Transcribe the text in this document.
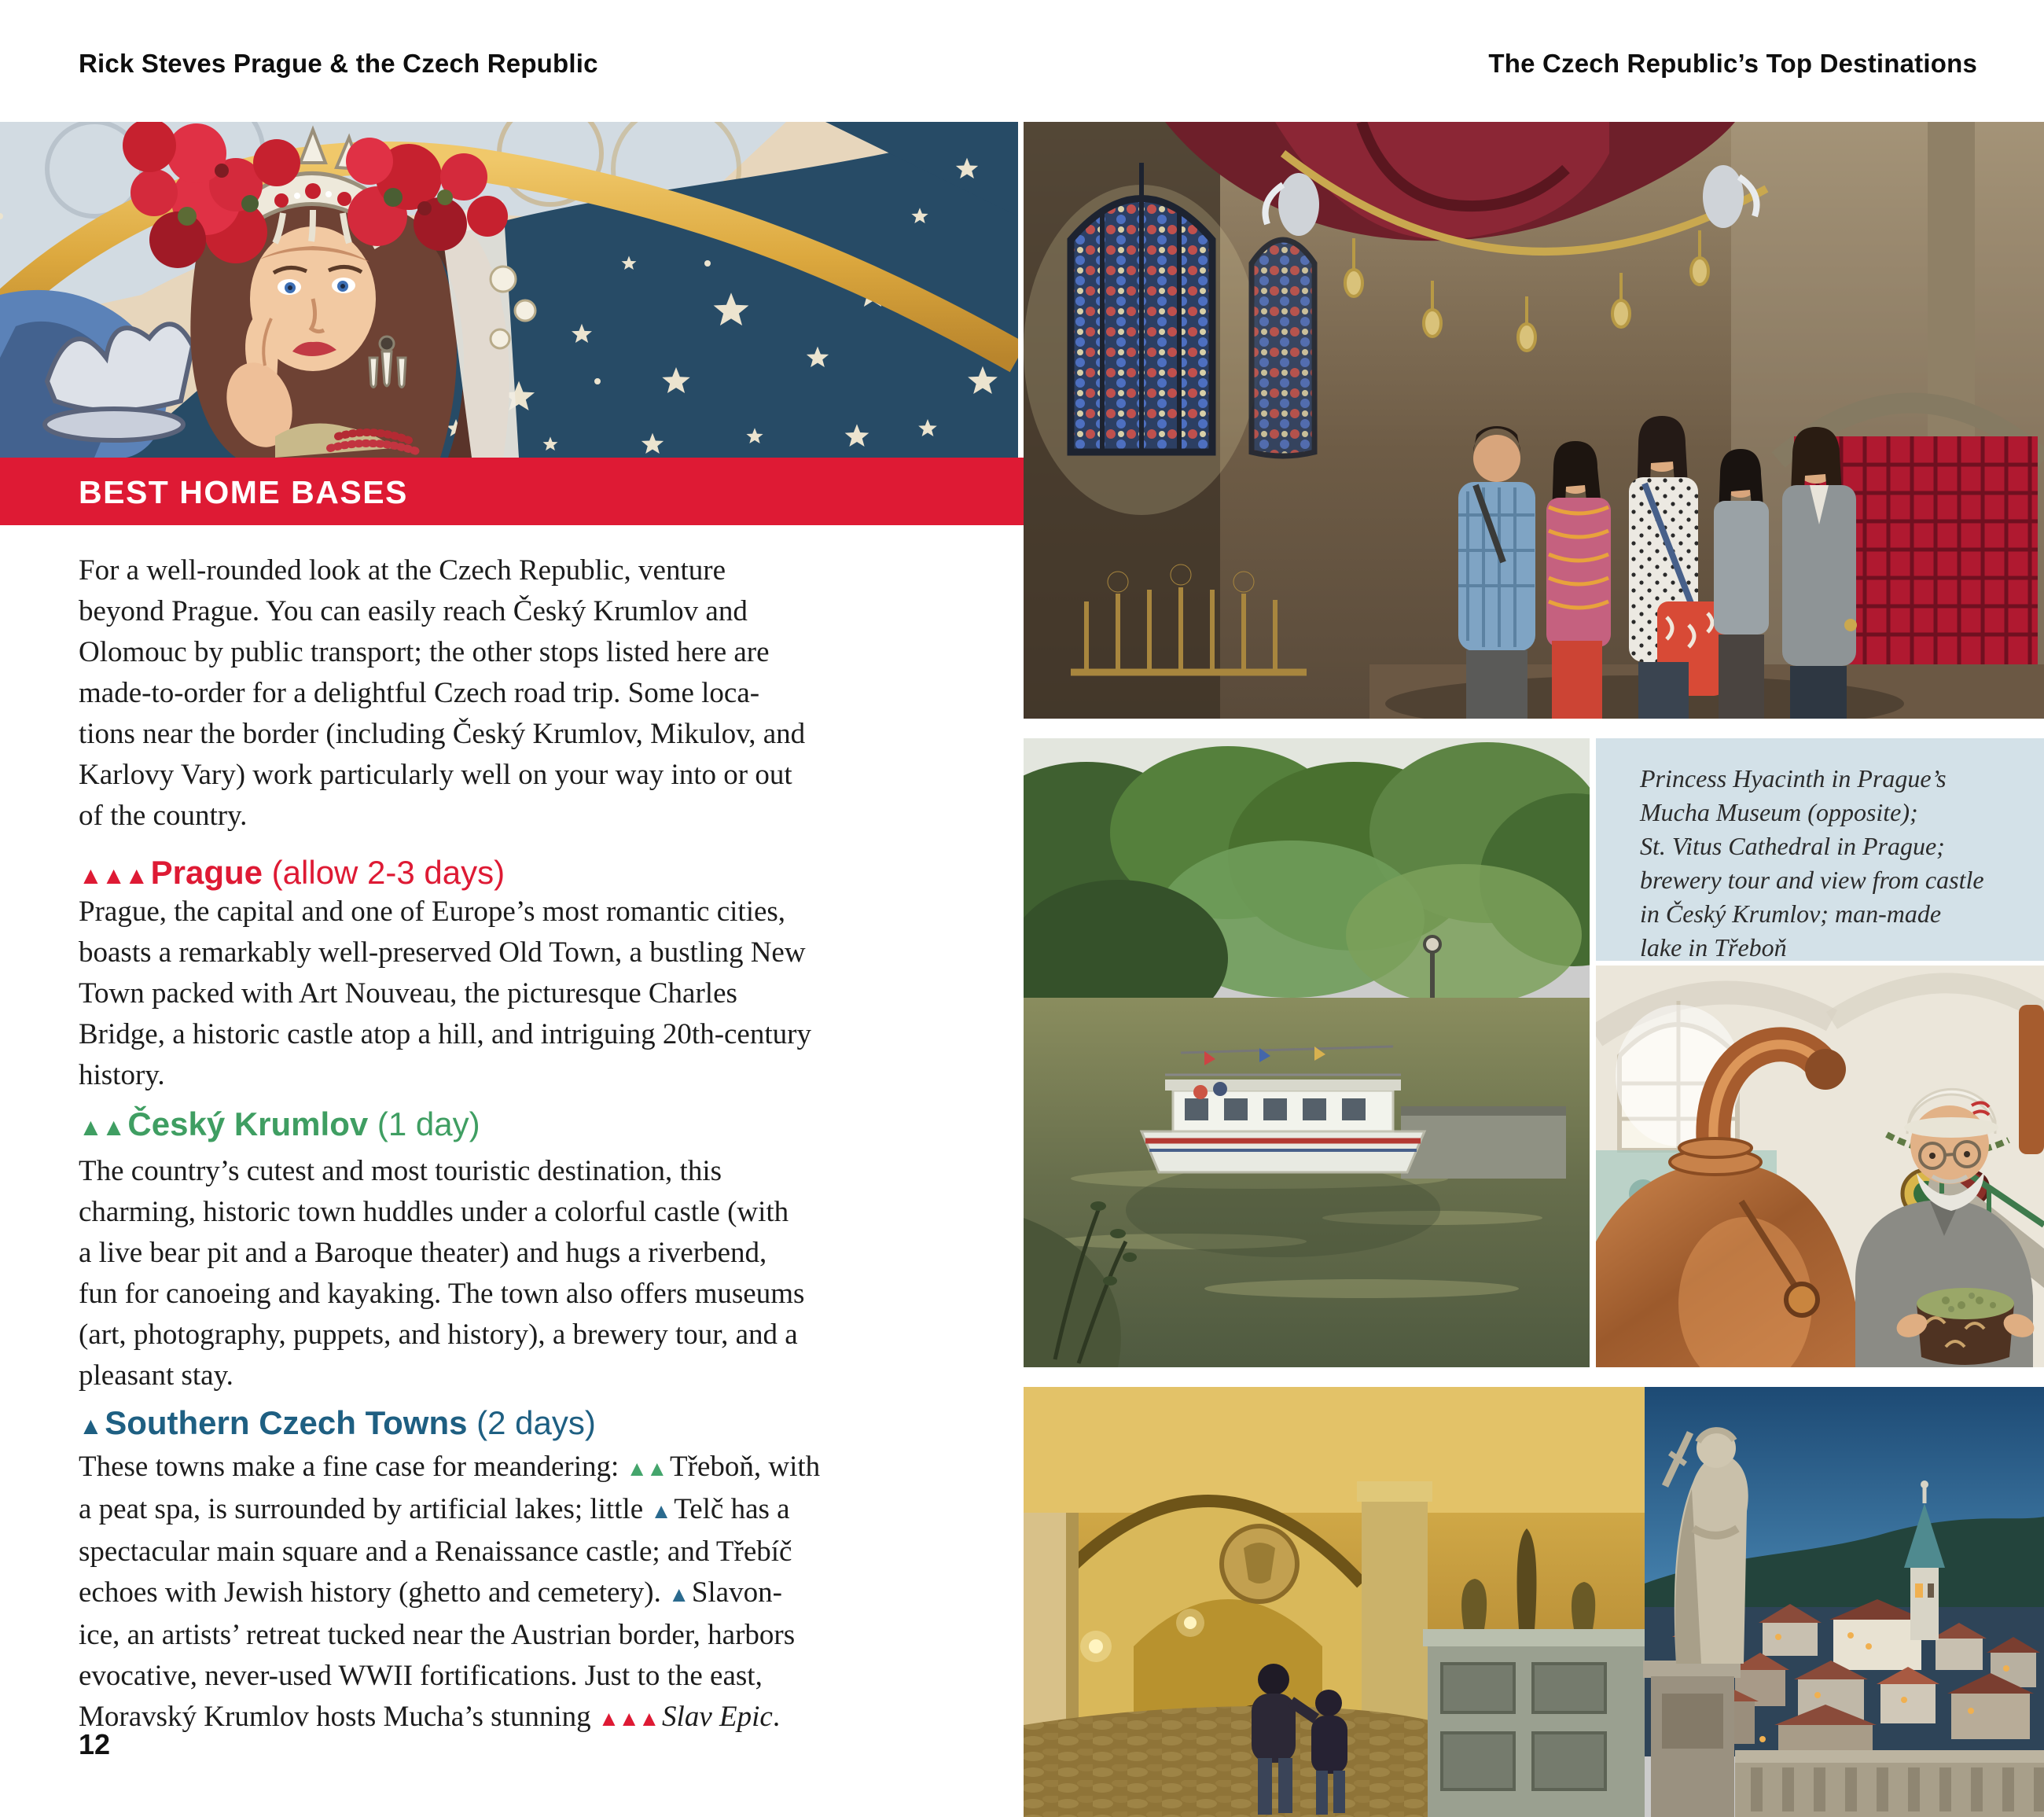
Rick Steves Prague & the Czech Republic	The Czech Republic’s Top Destinations
BEST HOME BASES
For a well-rounded look at the Czech Republic, venture
beyond Prague. You can easily reach Český Krumlov and
Olomouc by public transport; the other stops listed here are
made-to-order for a delightful Czech road trip. Some loca-
tions near the border (including Český Krumlov, Mikulov, and
Karlovy Vary) work particularly well on your way into or out
of the country.
▲▲▲Prague (allow 2-3 days)
Prague, the capital and one of Europe’s most romantic cities,
boasts a remarkably well-preserved Old Town, a bustling New
Town packed with Art Nouveau, the picturesque Charles
Bridge, a historic castle atop a hill, and intriguing 20th-century
history.
▲▲Český Krumlov (1 day)
The country’s cutest and most touristic destination, this
charming, historic town huddles under a colorful castle (with
a live bear pit and a Baroque theater) and hugs a riverbend,
fun for canoeing and kayaking. The town also offers museums
(art, photography, puppets, and history), a brewery tour, and a
pleasant stay.
▲Southern Czech Towns (2 days)
These towns make a fine case for meandering: ▲▲ Třeboň, with
a peat spa, is surrounded by artificial lakes; little ▲ Telč has a
spectacular main square and a Renaissance castle; and Třebíč
echoes with Jewish history (ghetto and cemetery). ▲ Slavon-
ice, an artists’ retreat tucked near the Austrian border, harbors
evocative, never-used WWII fortifications. Just to the east,
Moravský Krumlov hosts Mucha’s stunning ▲▲▲ Slav Epic.
12
Princess Hyacinth in Prague’s
Mucha Museum (opposite);
St. Vitus Cathedral in Prague;
brewery tour and view from castle
in Český Krumlov; man-made
lake in Třeboň
